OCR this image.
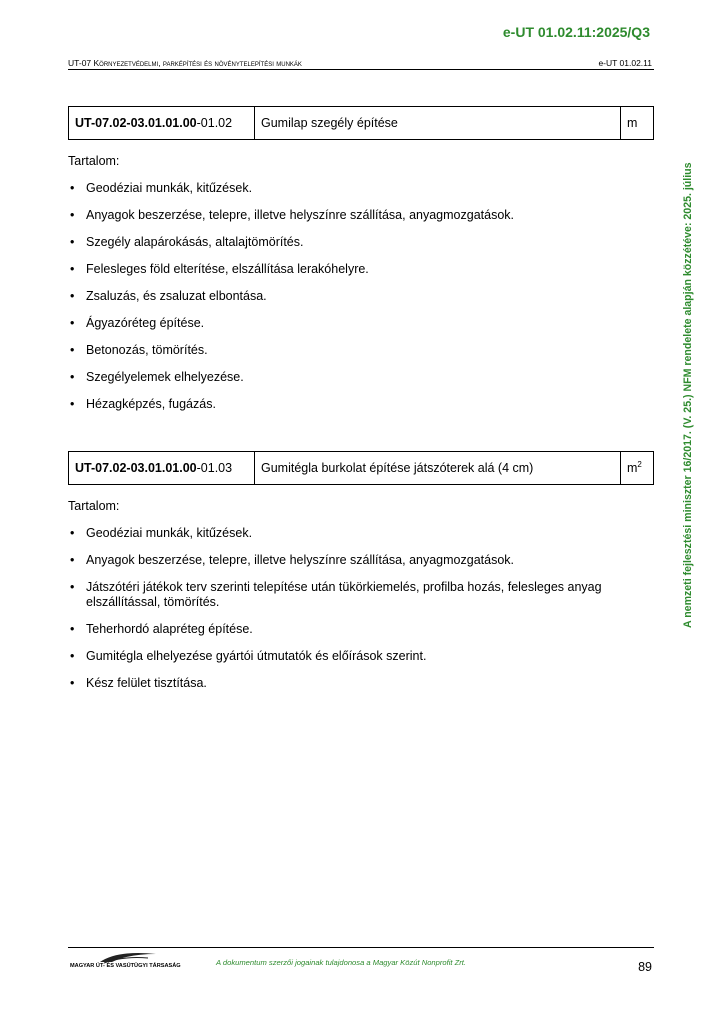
e-UT 01.02.11:2025/Q3
UT-07 Környezetvédelmi, parképítési és növénytelepítési munkák	e-UT 01.02.11
A nemzeti fejlesztési miniszter 16/2017. (V. 25.) NFM rendelete alapján közzétéve: 2025. július
UT-07.02-03.01.01.00-01.02	Gumilap szegély építése	m
Tartalom:
• Geodéziai munkák, kitűzések.
• Anyagok beszerzése, telepre, illetve helyszínre szállítása, anyagmozgatások.
• Szegély alapárokásás, altalajtömörítés.
• Felesleges föld elterítése, elszállítása lerakóhelyre.
• Zsaluzás, és zsaluzat elbontása.
• Ágyazóréteg építése.
• Betonozás, tömörítés.
• Szegélyelemek elhelyezése.
• Hézagképzés, fugázás.
UT-07.02-03.01.01.00-01.03	Gumitégla burkolat építése játszóterek alá (4 cm)	$m^2$
Tartalom:
• Geodéziai munkák, kitűzések.
• Anyagok beszerzése, telepre, illetve helyszínre szállítása, anyagmozgatások.
• Játszótéri játékok terv szerinti telepítése után tükörkiemelés, profilba hozás, felesleges anyag elszállítással, tömörítés.
• Teherhordó alapréteg építése.
• Gumitégla elhelyezése gyártói útmutatók és előírások szerint.
• Kész felület tisztítása.
MAGYAR ÚT- ÉS VASÚTÜGYI TÁRSASÁG	A dokumentum szerzői jogainak tulajdonosa a Magyar Közút Nonprofit Zrt.	89
